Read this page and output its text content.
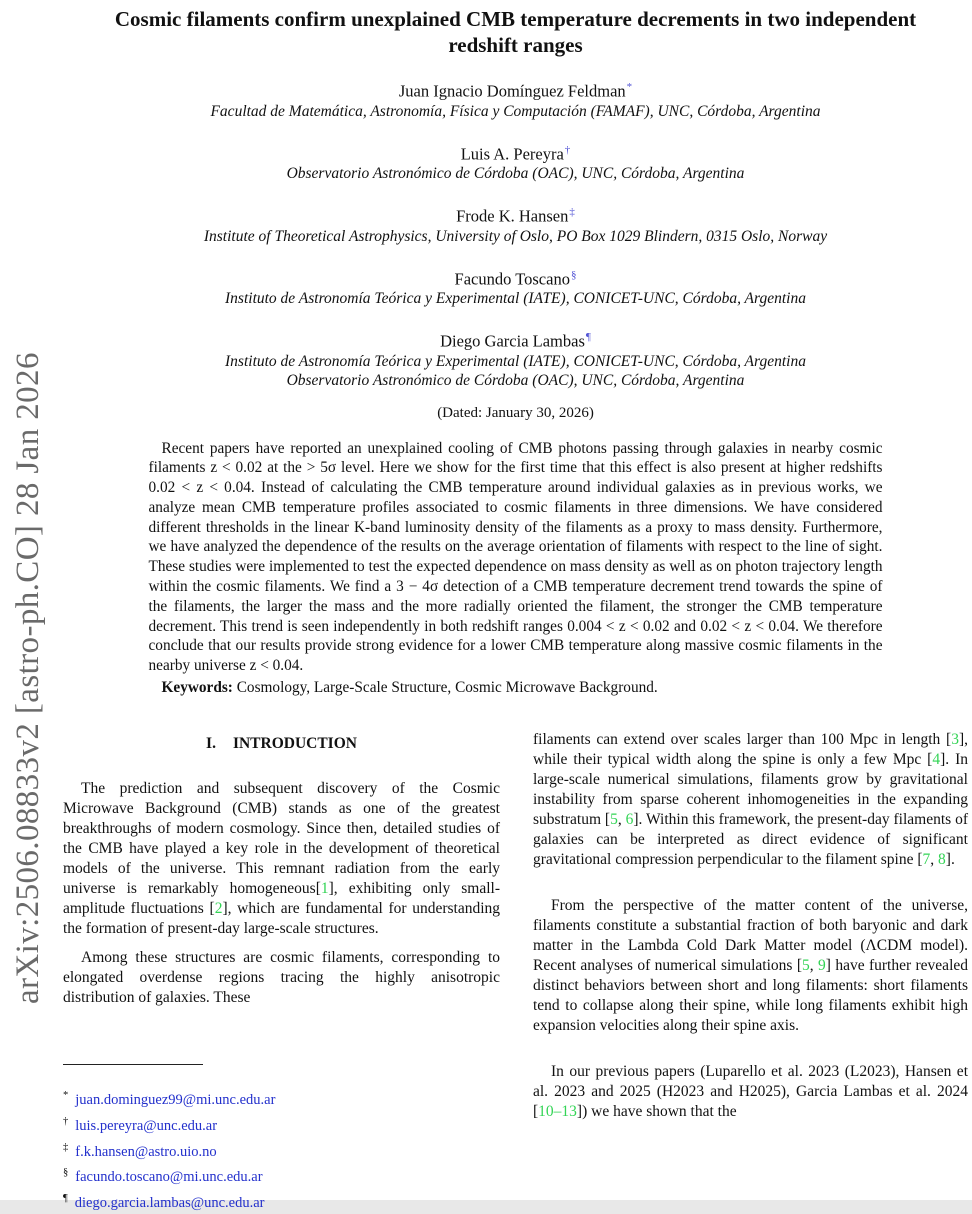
arXiv:2506.08833v2 [astro-ph.CO] 28 Jan 2026
Cosmic filaments confirm unexplained CMB temperature decrements in two independent redshift ranges
Juan Ignacio Domínguez Feldman*
Facultad de Matemática, Astronomía, Física y Computación (FAMAF), UNC, Córdoba, Argentina
Luis A. Pereyra†
Observatorio Astronómico de Córdoba (OAC), UNC, Córdoba, Argentina
Frode K. Hansen‡
Institute of Theoretical Astrophysics, University of Oslo, PO Box 1029 Blindern, 0315 Oslo, Norway
Facundo Toscano§
Instituto de Astronomía Teórica y Experimental (IATE), CONICET-UNC, Córdoba, Argentina
Diego Garcia Lambas¶
Instituto de Astronomía Teórica y Experimental (IATE), CONICET-UNC, Córdoba, Argentina
Observatorio Astronómico de Córdoba (OAC), UNC, Córdoba, Argentina
(Dated: January 30, 2026)
Recent papers have reported an unexplained cooling of CMB photons passing through galaxies in nearby cosmic filaments z < 0.02 at the > 5σ level. Here we show for the first time that this effect is also present at higher redshifts 0.02 < z < 0.04. Instead of calculating the CMB temperature around individual galaxies as in previous works, we analyze mean CMB temperature profiles associated to cosmic filaments in three dimensions. We have considered different thresholds in the linear K-band luminosity density of the filaments as a proxy to mass density. Furthermore, we have analyzed the dependence of the results on the average orientation of filaments with respect to the line of sight. These studies were implemented to test the expected dependence on mass density as well as on photon trajectory length within the cosmic filaments. We find a 3 − 4σ detection of a CMB temperature decrement trend towards the spine of the filaments, the larger the mass and the more radially oriented the filament, the stronger the CMB temperature decrement. This trend is seen independently in both redshift ranges 0.004 < z < 0.02 and 0.02 < z < 0.04. We therefore conclude that our results provide strong evidence for a lower CMB temperature along massive cosmic filaments in the nearby universe z < 0.04.
Keywords: Cosmology, Large-Scale Structure, Cosmic Microwave Background.
I. INTRODUCTION

The prediction and subsequent discovery of the Cosmic Microwave Background (CMB) stands as one of the greatest breakthroughs of modern cosmology. Since then, detailed studies of the CMB have played a key role in the development of theoretical models of the universe. This remnant radiation from the early universe is remarkably homogeneous[1], exhibiting only small-amplitude fluctuations [2], which are fundamental for understanding the formation of present-day large-scale structures.

Among these structures are cosmic filaments, corresponding to elongated overdense regions tracing the highly anisotropic distribution of galaxies. These

filaments can extend over scales larger than 100 Mpc in length [3], while their typical width along the spine is only a few Mpc [4]. In large-scale numerical simulations, filaments grow by gravitational instability from sparse coherent inhomogeneities in the expanding substratum [5, 6]. Within this framework, the present-day filaments of galaxies can be interpreted as direct evidence of significant gravitational compression perpendicular to the filament spine [7, 8].

From the perspective of the matter content of the universe, filaments constitute a substantial fraction of both baryonic and dark matter in the Lambda Cold Dark Matter model (ΛCDM model). Recent analyses of numerical simulations [5, 9] have further revealed distinct behaviors between short and long filaments: short filaments tend to collapse along their spine, while long filaments exhibit high expansion velocities along their spine axis.

In our previous papers (Luparello et al. 2023 (L2023), Hansen et al. 2023 and 2025 (H2023 and H2025), Garcia Lambas et al. 2024 [10–13]) we have shown that the

* juan.dominguez99@mi.unc.edu.ar
† luis.pereyra@unc.edu.ar
‡ f.k.hansen@astro.uio.no
§ facundo.toscano@mi.unc.edu.ar
¶ diego.garcia.lambas@unc.edu.ar
